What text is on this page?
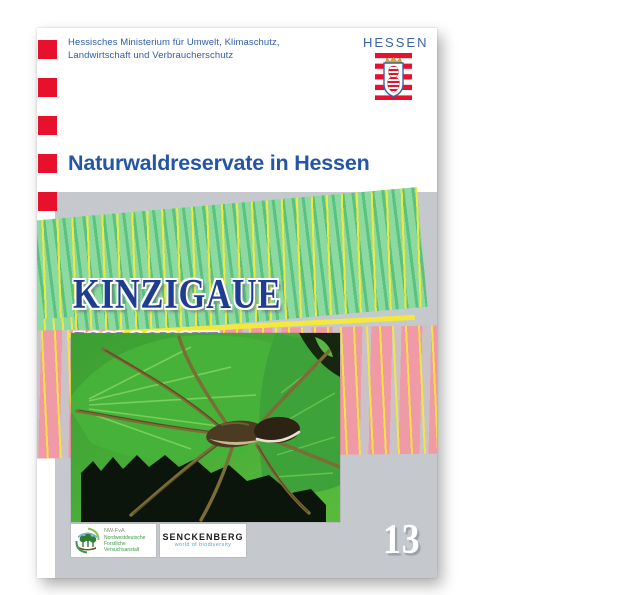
Hessisches Ministerium für Umwelt, Klimaschutz,
Landwirtschaft und Verbraucherschutz
HESSEN
Naturwaldreservate in Hessen
KINZIGAUE
NW-FvA
Nordwestdeutsche
Forstliche
Versuchsanstalt
SENCKENBERG
world of biodiversity	13
